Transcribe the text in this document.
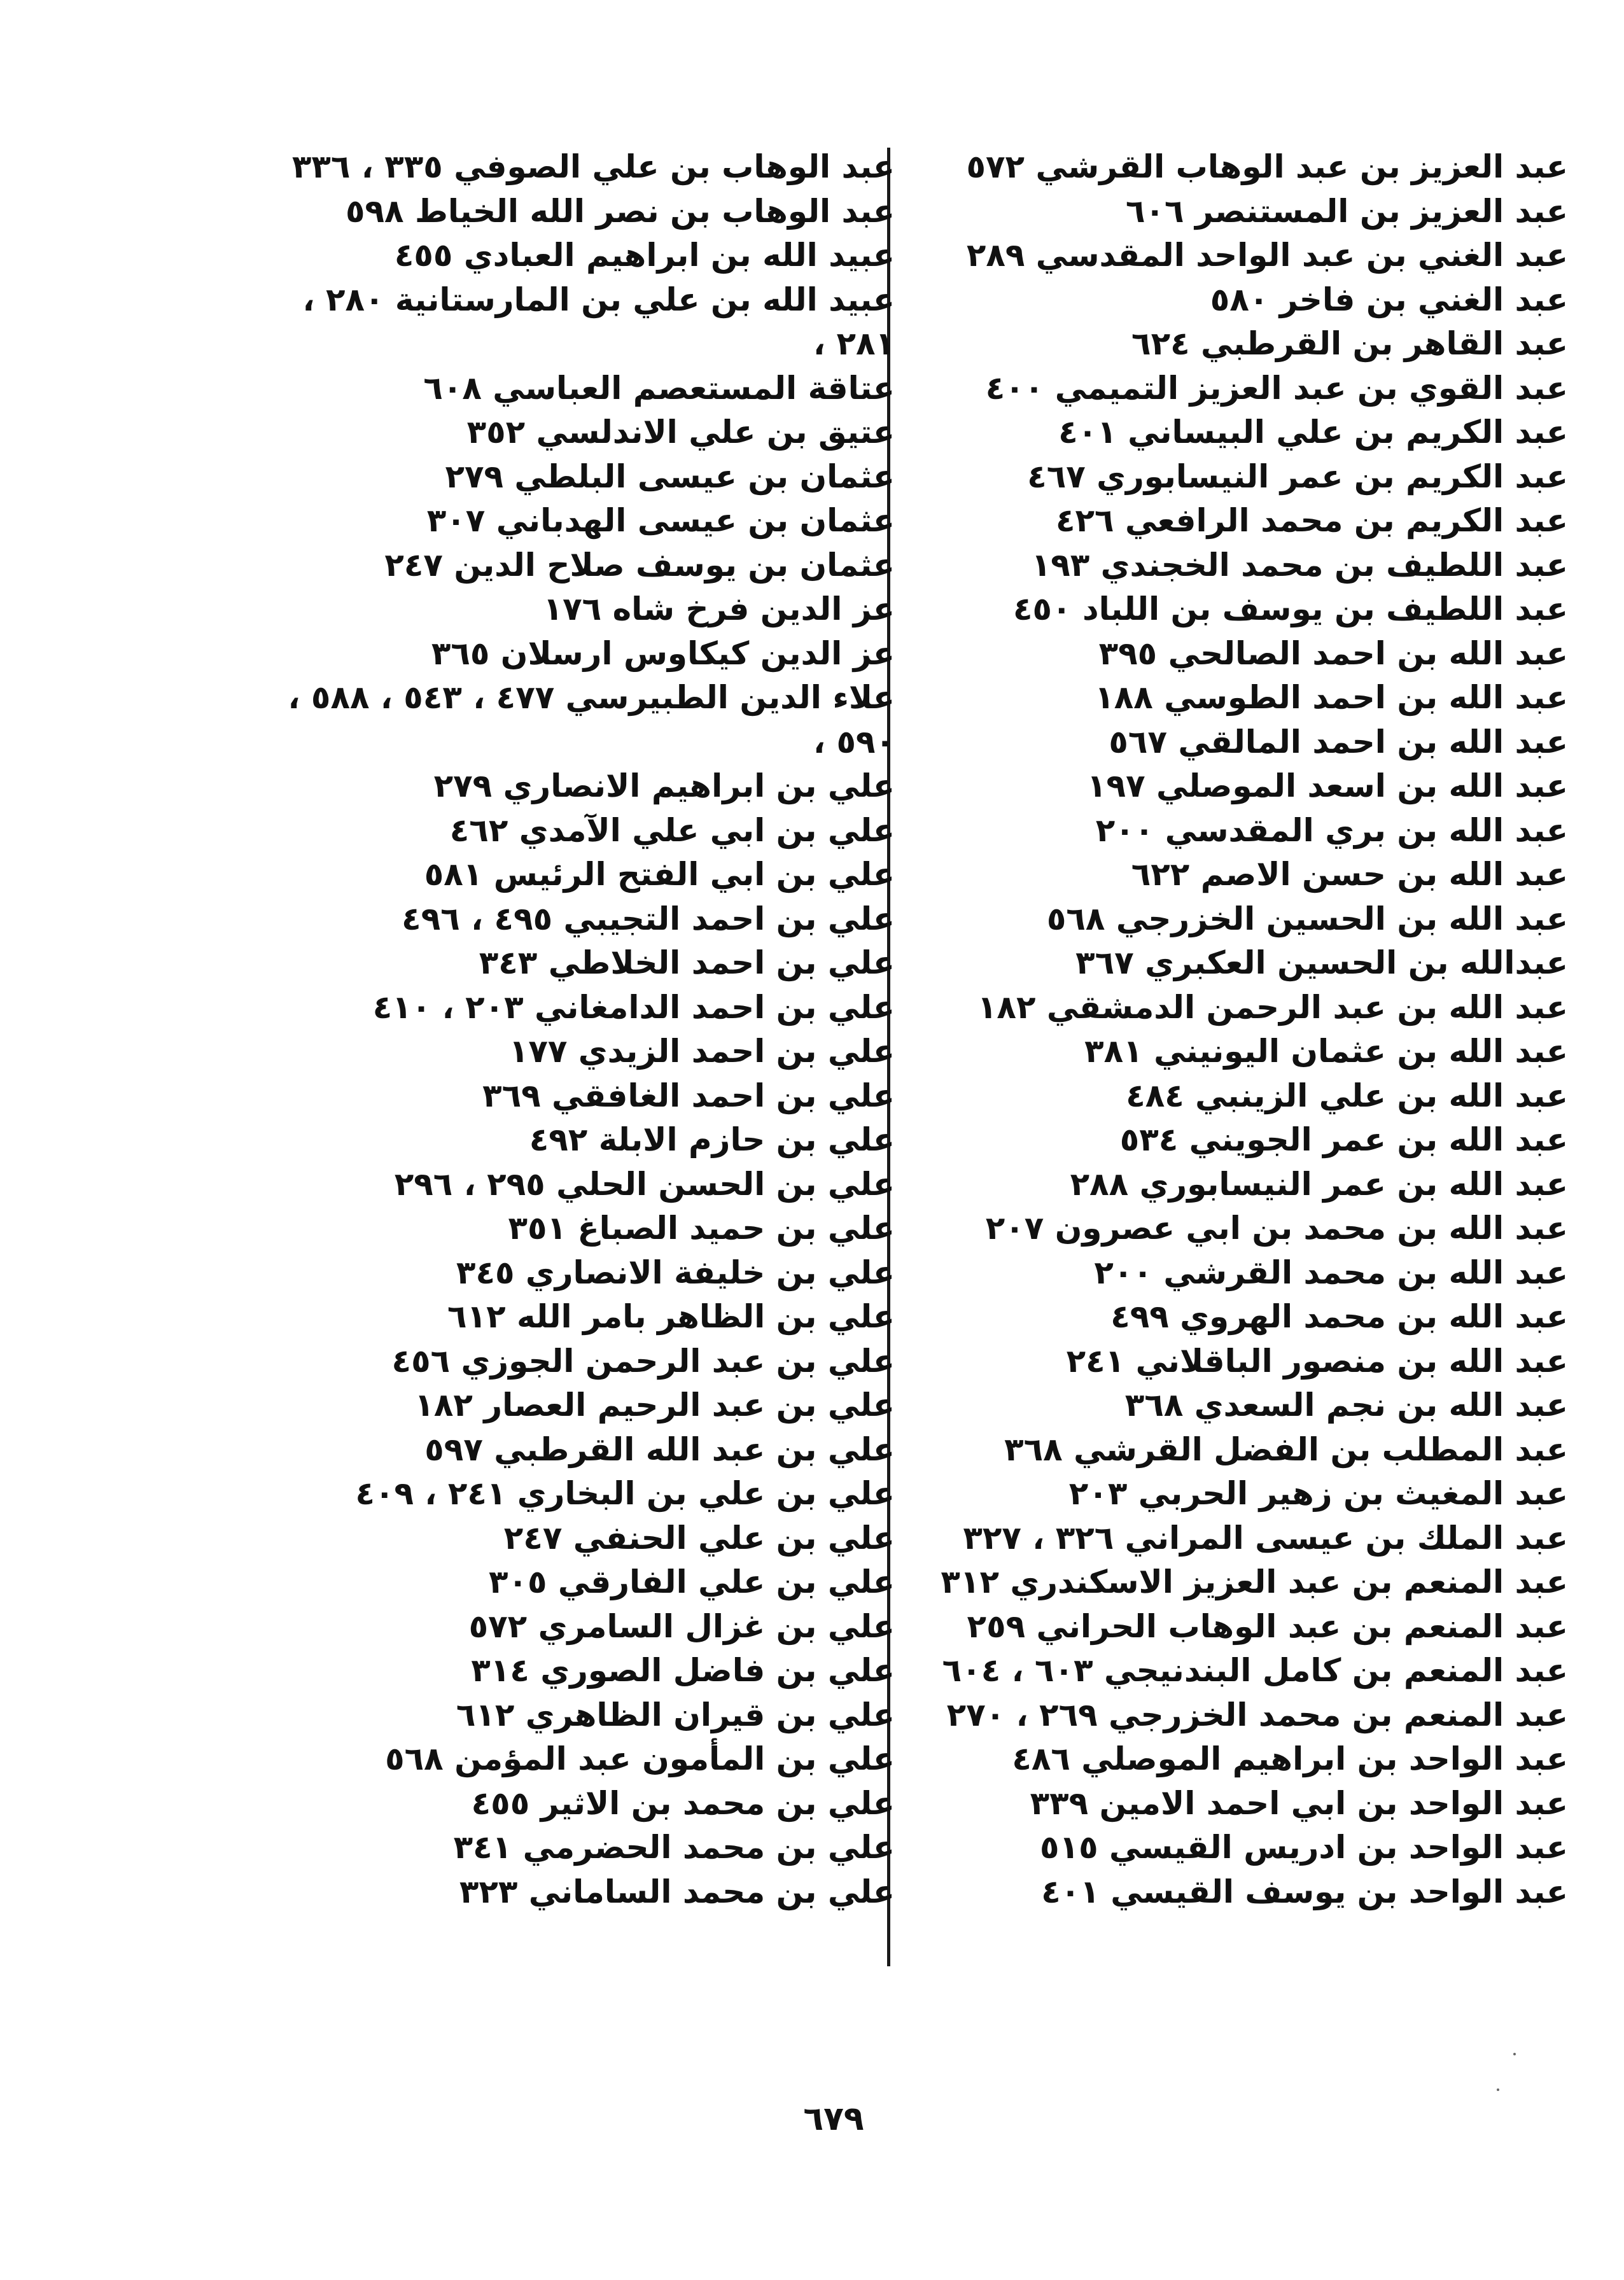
عبد العزيز بن عبد الوهاب القرشي ٥٧٢
عبد العزيز بن المستنصر ٦٠٦
عبد الغني بن عبد الواحد المقدسي ٢٨٩
عبد الغني بن فاخر ٥٨٠
عبد القاهر بن القرطبي ٦٢٤
عبد القوي بن عبد العزيز التميمي ٤٠٠
عبد الكريم بن علي البيساني ٤٠١
عبد الكريم بن عمر النيسابوري ٤٦٧
عبد الكريم بن محمد الرافعي ٤٢٦
عبد اللطيف بن محمد الخجندي ١٩٣
عبد اللطيف بن يوسف بن اللباد ٤٥٠
عبد الله بن احمد الصالحي ٣٩٥
عبد الله بن احمد الطوسي ١٨٨
عبد الله بن احمد المالقي ٥٦٧
عبد الله بن اسعد الموصلي ١٩٧
عبد الله بن بري المقدسي ٢٠٠
عبد الله بن حسن الاصم ٦٢٢
عبد الله بن الحسين الخزرجي ٥٦٨
عبدالله بن الحسين العكبري ٣٦٧
عبد الله بن عبد الرحمن الدمشقي ١٨٢
عبد الله بن عثمان اليونيني ٣٨١
عبد الله بن علي الزينبي ٤٨٤
عبد الله بن عمر الجويني ٥٣٤
عبد الله بن عمر النيسابوري ٢٨٨
عبد الله بن محمد بن ابي عصرون ٢٠٧
عبد الله بن محمد القرشي ٢٠٠
عبد الله بن محمد الهروي ٤٩٩
عبد الله بن منصور الباقلاني ٢٤١
عبد الله بن نجم السعدي ٣٦٨
عبد المطلب بن الفضل القرشي ٣٦٨
عبد المغيث بن زهير الحربي ٢٠٣
عبد الملك بن عيسى المراني ٣٢٦ ، ٣٢٧
عبد المنعم بن عبد العزيز الاسكندري ٣١٢
عبد المنعم بن عبد الوهاب الحراني ٢٥٩
عبد المنعم بن كامل البندنيجي ٦٠٣ ، ٦٠٤
عبد المنعم بن محمد الخزرجي ٢٦٩ ، ٢٧٠
عبد الواحد بن ابراهيم الموصلي ٤٨٦
عبد الواحد بن ابي احمد الامين ٣٣٩
عبد الواحد بن ادريس القيسي ٥١٥
عبد الواحد بن يوسف القيسي ٤٠١
عبد الوهاب بن علي الصوفي ٣٣٥ ، ٣٣٦
عبد الوهاب بن نصر الله الخياط ٥٩٨
عبيد الله بن ابراهيم العبادي ٤٥٥
عبيد الله بن علي بن المارستانية ٢٨٠ ،
٢٨١ ،
عتاقة المستعصم العباسي ٦٠٨
عتيق بن علي الاندلسي ٣٥٢
عثمان بن عيسى البلطي ٢٧٩
عثمان بن عيسى الهدباني ٣٠٧
عثمان بن يوسف صلاح الدين ٢٤٧
عز الدين فرخ شاه ١٧٦
عز الدين كيكاوس ارسلان ٣٦٥
علاء الدين الطبيرسي ٤٧٧ ، ٥٤٣ ، ٥٨٨ ،
٥٩٠ ،
علي بن ابراهيم الانصاري ٢٧٩
علي بن ابي علي الآمدي ٤٦٢
علي بن ابي الفتح الرئيس ٥٨١
علي بن احمد التجيبي ٤٩٥ ، ٤٩٦
علي بن احمد الخلاطي ٣٤٣
علي بن احمد الدامغاني ٢٠٣ ، ٤١٠
علي بن احمد الزيدي ١٧٧
علي بن احمد الغافقي ٣٦٩
علي بن حازم الابلة ٤٩٢
علي بن الحسن الحلي ٢٩٥ ، ٢٩٦
علي بن حميد الصباغ ٣٥١
علي بن خليفة الانصاري ٣٤٥
علي بن الظاهر بامر الله ٦١٢
علي بن عبد الرحمن الجوزي ٤٥٦
علي بن عبد الرحيم العصار ١٨٢
علي بن عبد الله القرطبي ٥٩٧
علي بن علي بن البخاري ٢٤١ ، ٤٠٩
علي بن علي الحنفي ٢٤٧
علي بن علي الفارقي ٣٠٥
علي بن غزال السامري ٥٧٢
علي بن فاضل الصوري ٣١٤
علي بن قيران الظاهري ٦١٢
علي بن المأمون عبد المؤمن ٥٦٨
علي بن محمد بن الاثير ٤٥٥
علي بن محمد الحضرمي ٣٤١
علي بن محمد الساماني ٣٢٣
٦٧٩
